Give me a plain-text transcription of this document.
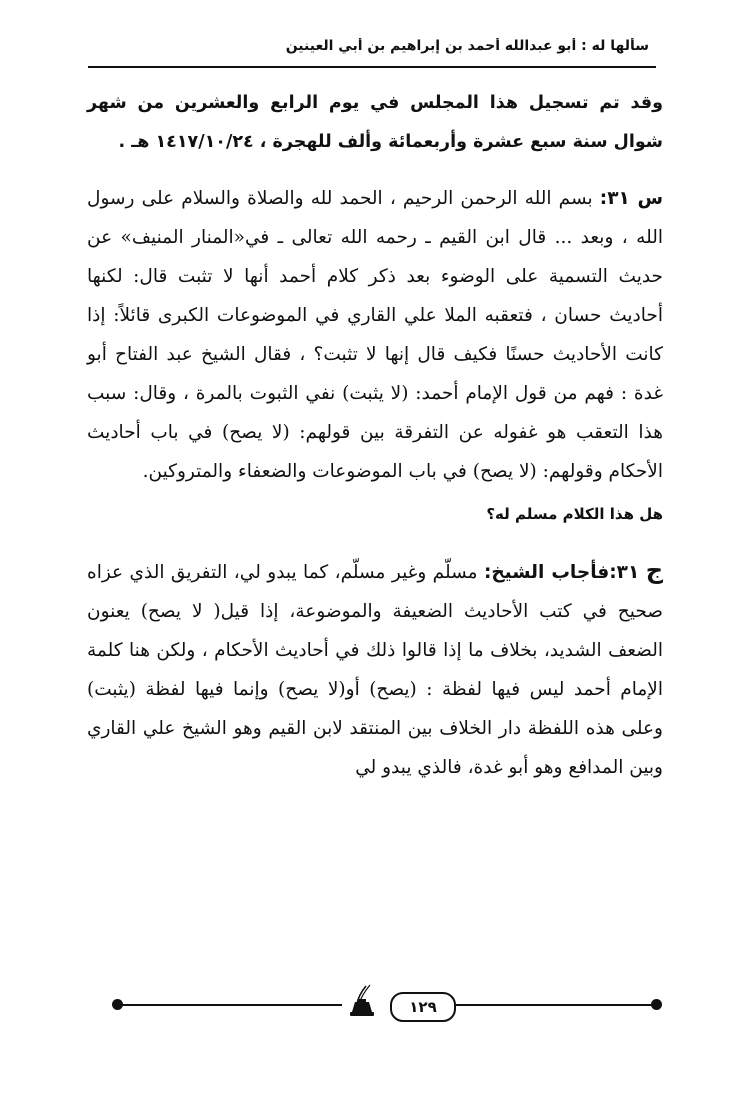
سألها له : أبو عبدالله أحمد بن إبراهيم بن أبي العينين

وقد تم تسجيل هذا المجلس في يوم الرابع والعشرين من شهر شوال سنة سبع عشرة وأربعمائة وألف للهجرة ، ١٤١٧/١٠/٢٤ هـ .

س ٣١: بسم الله الرحمن الرحيم ، الحمد لله والصلاة والسلام على رسول الله ، وبعد ... قال ابن القيم ـ رحمه الله تعالى ـ في«المنار المنيف» عن حديث التسمية على الوضوء بعد ذكر كلام أحمد أنها لا تثبت قال: لكنها أحاديث حسان ، فتعقبه الملا علي القاري في الموضوعات الكبرى قائلاً: إذا كانت الأحاديث حسنًا فكيف قال إنها لا تثبت؟ ، فقال الشيخ عبد الفتاح أبو غدة : فهم من قول الإمام أحمد: (لا يثبت) نفي الثبوت بالمرة ، وقال: سبب هذا التعقب هو غفوله عن التفرقة بين قولهم: (لا يصح) في باب أحاديث الأحكام وقولهم: (لا يصح) في باب الموضوعات والضعفاء والمتروكين.

هل هذا الكلام مسلم له؟

ج ٣١:فأجاب الشيخ: مسلّم وغير مسلّم، كما يبدو لي، التفريق الذي عزاه صحيح في كتب الأحاديث الضعيفة والموضوعة، إذا قيل( لا يصح) يعنون الضعف الشديد، بخلاف ما إذا قالوا ذلك في أحاديث الأحكام ، ولكن هنا كلمة الإمام أحمد ليس فيها لفظة : (يصح) أو(لا يصح) وإنما فيها لفظة (يثبت) وعلى هذه اللفظة دار الخلاف بين المنتقد لابن القيم وهو الشيخ علي القاري وبين المدافع وهو أبو غدة، فالذي يبدو لي

١٢٩
